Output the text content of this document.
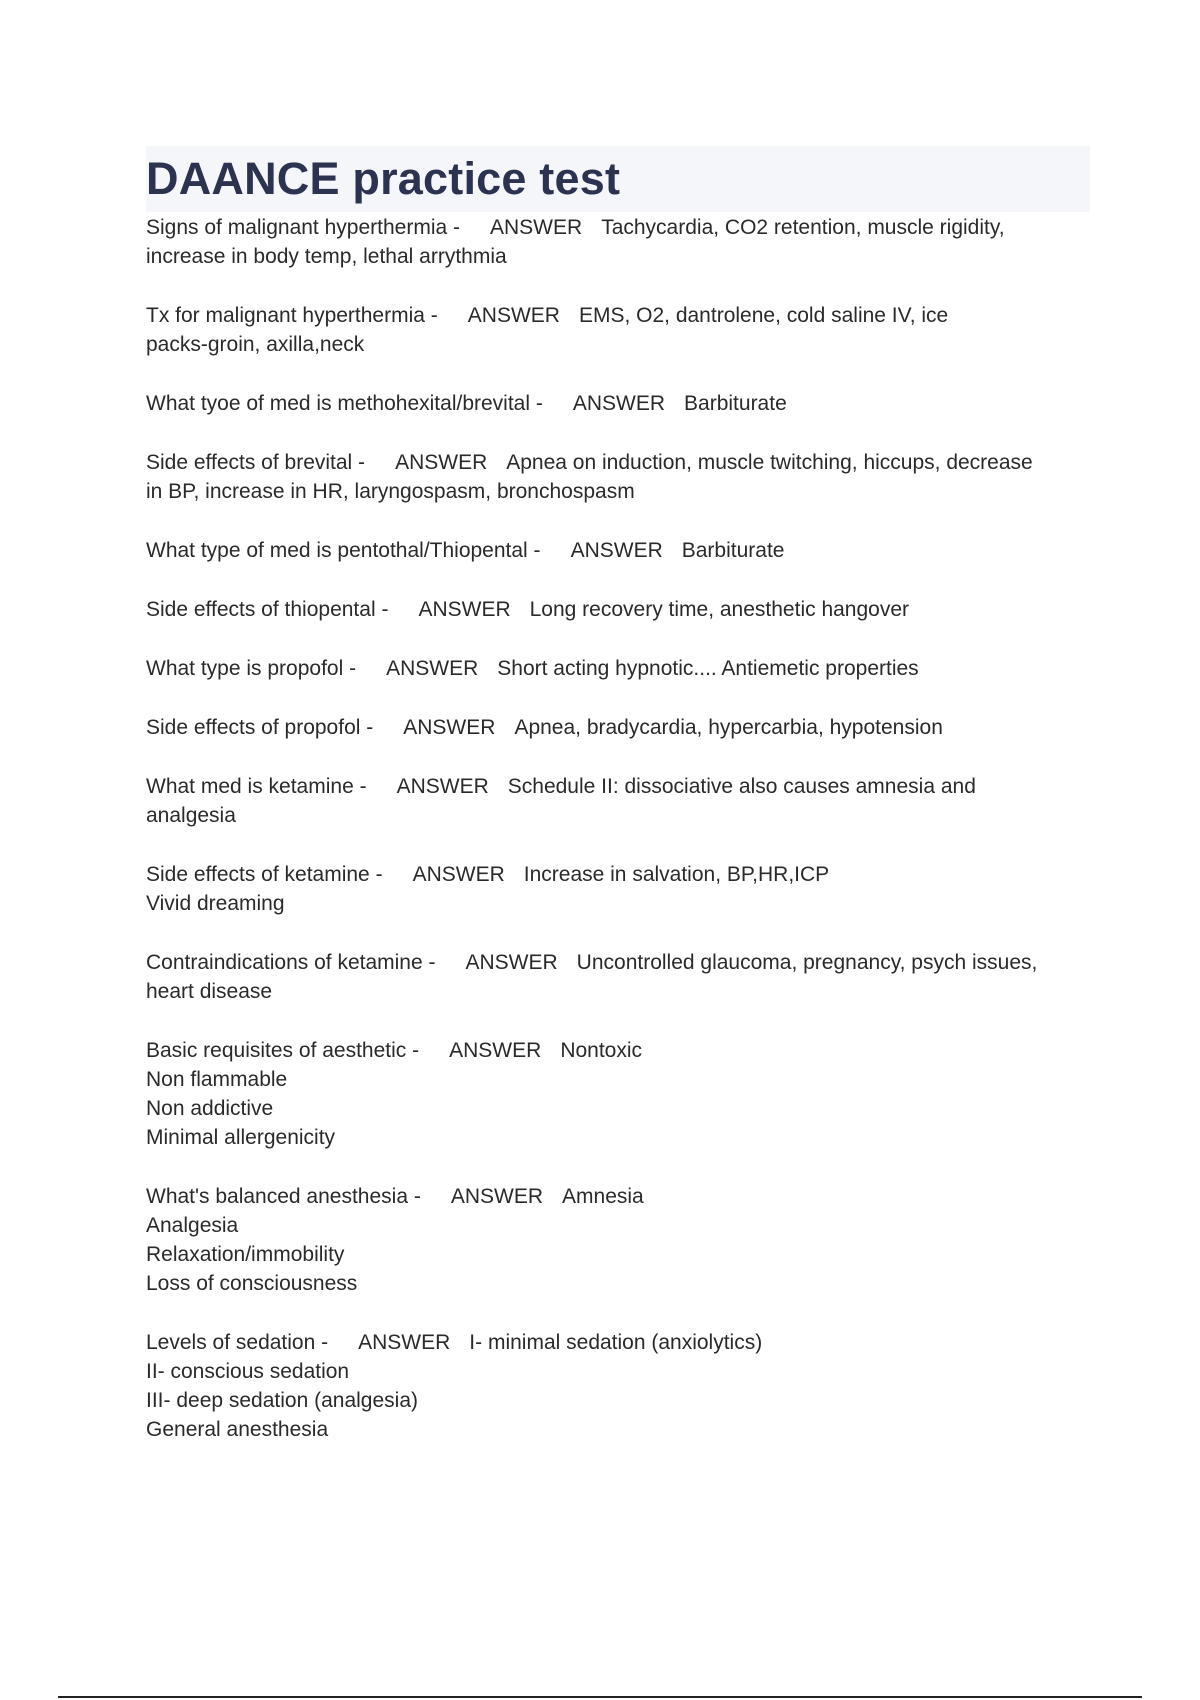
DAANCE practice test
Signs of malignant hyperthermia - ANSWER Tachycardia, CO2 retention, muscle rigidity,
increase in body temp, lethal arrythmia
Tx for malignant hyperthermia - ANSWER EMS, O2, dantrolene, cold saline IV, ice
packs-groin, axilla,neck
What tyoe of med is methohexital/brevital - ANSWER Barbiturate
Side effects of brevital - ANSWER Apnea on induction, muscle twitching, hiccups, decrease
in BP, increase in HR, laryngospasm, bronchospasm
What type of med is pentothal/Thiopental - ANSWER Barbiturate
Side effects of thiopental - ANSWER Long recovery time, anesthetic hangover
What type is propofol - ANSWER Short acting hypnotic.... Antiemetic properties
Side effects of propofol - ANSWER Apnea, bradycardia, hypercarbia, hypotension
What med is ketamine - ANSWER Schedule II: dissociative also causes amnesia and
analgesia
Side effects of ketamine - ANSWER Increase in salvation, BP,HR,ICP
Vivid dreaming
Contraindications of ketamine - ANSWER Uncontrolled glaucoma, pregnancy, psych issues,
heart disease
Basic requisites of aesthetic - ANSWER Nontoxic
Non flammable
Non addictive
Minimal allergenicity
What's balanced anesthesia - ANSWER Amnesia
Analgesia
Relaxation/immobility
Loss of consciousness
Levels of sedation - ANSWER I- minimal sedation (anxiolytics)
II- conscious sedation
III- deep sedation (analgesia)
General anesthesia
